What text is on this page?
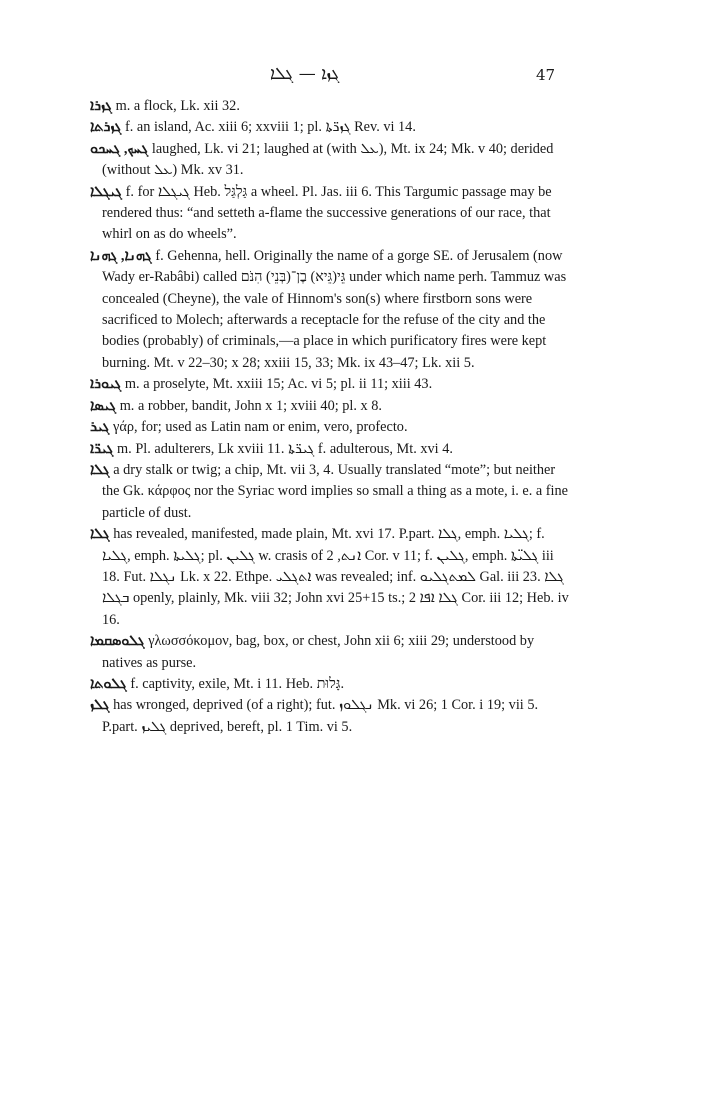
ܓܙܐ — ܓܠܐ	47

ܓܙܪܐ m. a flock, Lk. xii 32.

ܓܙܪܬܐ f. an island, Ac. xiii 6; xxviii 1; pl. ܓܙܪ̈ܬܐ Rev. vi 14.

ܓܚܟ, ܓܚܟܘ laughed, Lk. vi 21; laughed at (with ܥܠ), Mt. ix 24; Mk. v 40; derided (without ܥܠ) Mk. xv 31.

ܓܝܓܠܐ f. for ܓܝܓܠܐ Heb. גַּלְגַּל a wheel. Pl. Jas. iii 6. This Targumic passage may be rendered thus: “and setteth a-flame the successive generations of our race, that whirl on as do wheels”.

ܓܗܢܐ, ܓܗܢܐ f. Gehenna, hell. Originally the name of a gorge SE. of Jerusalem (now Wady er-Rabâbi) called גֵּי(גֵּיא) בֶן־(בְּנֵי) הִנֹּם under which name perh. Tammuz was concealed (Cheyne), the vale of Hinnom's son(s) where firstborn sons were sacrificed to Molech; afterwards a receptacle for the refuse of the city and the bodies (probably) of criminals,—a place in which purificatory fires were kept burning. Mt. v 22–30; x 28; xxiii 15, 33; Mk. ix 43–47; Lk. xii 5.

ܓܝܘܪܐ m. a proselyte, Mt. xxiii 15; Ac. vi 5; pl. ii 11; xiii 43.

ܓܝܣܐ m. a robber, bandit, John x 1; xviii 40; pl. x 8.

ܓܝܪ γάρ, for; used as Latin nam or enim, vero, profecto.

ܓܝܪ̈ܐ m. Pl. adulterers, Lk xviii 11. ܓܝܪ̈ܬܐ f. adulterous, Mt. xvi 4.

ܓܠܐ a dry stalk or twig; a chip, Mt. vii 3, 4. Usually translated “mote”; but neither the Gk. κάρφος nor the Syriac word implies so small a thing as a mote, i. e. a fine particle of dust.

ܓܠܐ has revealed, manifested, made plain, Mt. xvi 17. P.part. ܓܠܐ, emph. ܓܠܝܐ; f. ܓܠܝܐ, emph. ܓܠܝܬܐ; pl. ܓܠܝܢ w. crasis of ܐܢܬ, 2 Cor. v 11; f. ܓܠܝܢ, emph. ܓܠܝ̈ܬܐ iii 18. Fut. ܢܓܠܐ Lk. x 22. Ethpe. ܐܬܓܠܝ was revealed; inf. ܠܡܬܓܠܝܘ Gal. iii 23. ܓܠܐ ܒܓܠܐ openly, plainly, Mk. viii 32; John xvi 25+15 ts.; ܓܠܐ ܐܦܐ 2 Cor. iii 12; Heb. iv 16.

ܓܠܘܣܩܡܐ γλωσσόκομον, bag, box, or chest, John xii 6; xiii 29; understood by natives as purse.

ܓܠܘܬܐ f. captivity, exile, Mt. i 11. Heb. גָּלוּת.

ܓܠܙ has wronged, deprived (of a right); fut. ܢܓܠܘܙ Mk. vi 26; 1 Cor. i 19; vii 5. P.part. ܓܠܝܙ deprived, bereft, pl. 1 Tim. vi 5.
